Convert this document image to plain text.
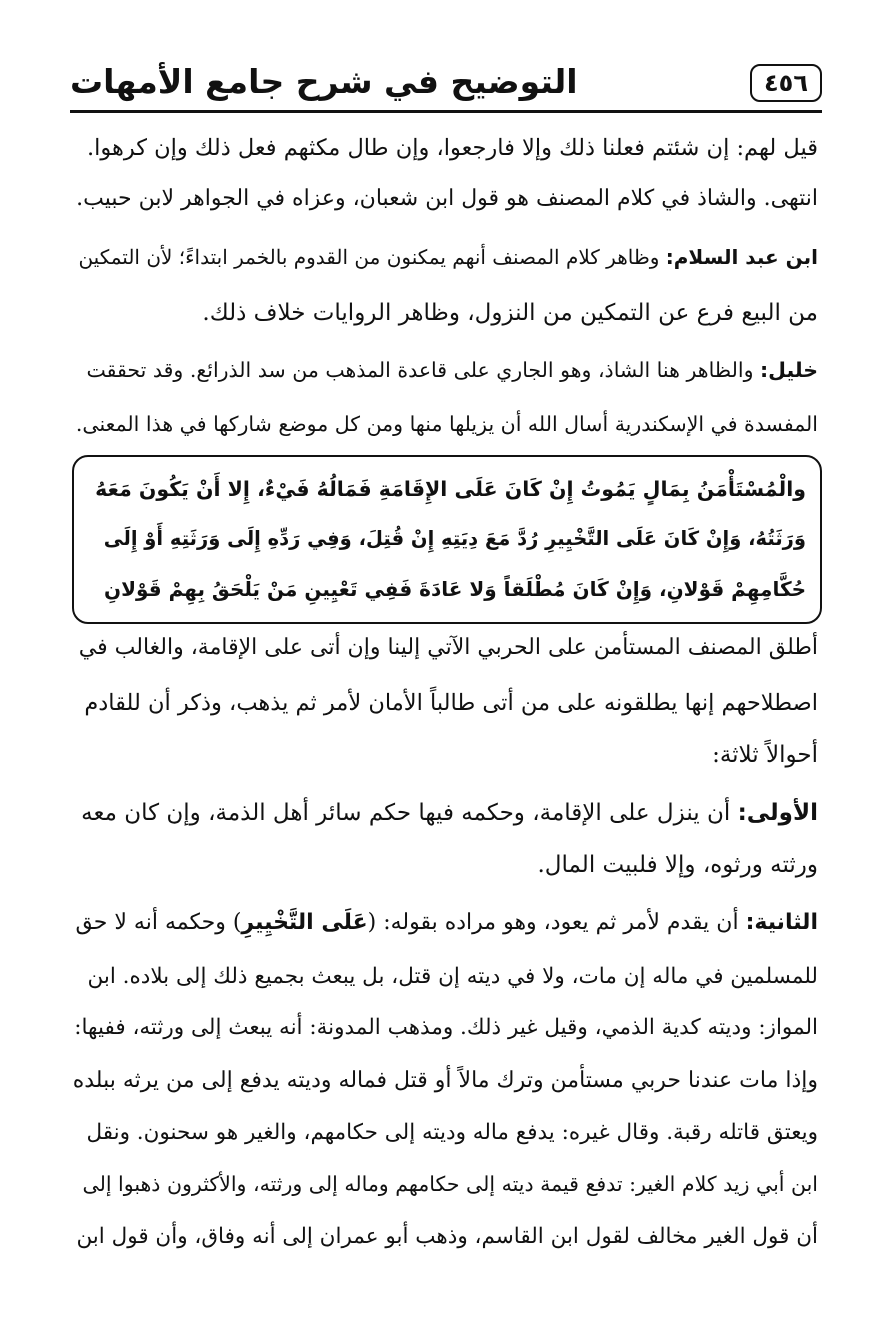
٤٥٦
التوضيح في شرح جامع الأمهات
قيل لهم: إن شئتم فعلنا ذلك وإلا فارجعوا، وإن طال مكثهم فعل ذلك وإن كرهوا.
انتهى. والشاذ في كلام المصنف هو قول ابن شعبان، وعزاه في الجواهر لابن حبيب.
ابن عبد السلام: وظاهر كلام المصنف أنهم يمكنون من القدوم بالخمر ابتداءً؛ لأن التمكين
من البيع فرع عن التمكين من النزول، وظاهر الروايات خلاف ذلك.
خليل: والظاهر هنا الشاذ، وهو الجاري على قاعدة المذهب من سد الذرائع. وقد تحققت
المفسدة في الإسكندرية أسال الله أن يزيلها منها ومن كل موضع شاركها في هذا المعنى.
والْمُسْتَأْمَنُ بِمَالٍ يَمُوتُ إِنْ كَانَ عَلَى الإِقَامَةِ فَمَالُهُ فَيْءٌ، إِلا أَنْ يَكُونَ مَعَهُ
وَرَثَتُهُ، وَإِنْ كَانَ عَلَى التَّخْيِيرِ رُدَّ مَعَ دِيَتِهِ إِنْ قُتِلَ، وَفِي رَدِّهِ إِلَى وَرَثَتِهِ أَوْ إِلَى
حُكَّامِهِمْ قَوْلانِ، وَإِنْ كَانَ مُطْلَقاً وَلا عَادَةَ فَفِي تَعْيِينِ مَنْ يَلْحَقُ بِهِمْ قَوْلانِ
أطلق المصنف المستأمن على الحربي الآتي إلينا وإن أتى على الإقامة، والغالب في
اصطلاحهم إنها يطلقونه على من أتى طالباً الأمان لأمر ثم يذهب، وذكر أن للقادم
أحوالاً ثلاثة:
الأولى: أن ينزل على الإقامة، وحكمه فيها حكم سائر أهل الذمة، وإن كان معه
ورثته ورثوه، وإلا فلبيت المال.
الثانية: أن يقدم لأمر ثم يعود، وهو مراده بقوله: (عَلَى التَّخْيِيرِ) وحكمه أنه لا حق
للمسلمين في ماله إن مات، ولا في ديته إن قتل، بل يبعث بجميع ذلك إلى بلاده. ابن
المواز: وديته كدية الذمي، وقيل غير ذلك. ومذهب المدونة: أنه يبعث إلى ورثته، ففيها:
وإذا مات عندنا حربي مستأمن وترك مالاً أو قتل فماله وديته يدفع إلى من يرثه ببلده
ويعتق قاتله رقبة. وقال غيره: يدفع ماله وديته إلى حكامهم، والغير هو سحنون. ونقل
ابن أبي زيد كلام الغير: تدفع قيمة ديته إلى حكامهم وماله إلى ورثته، والأكثرون ذهبوا إلى
أن قول الغير مخالف لقول ابن القاسم، وذهب أبو عمران إلى أنه وفاق، وأن قول ابن
